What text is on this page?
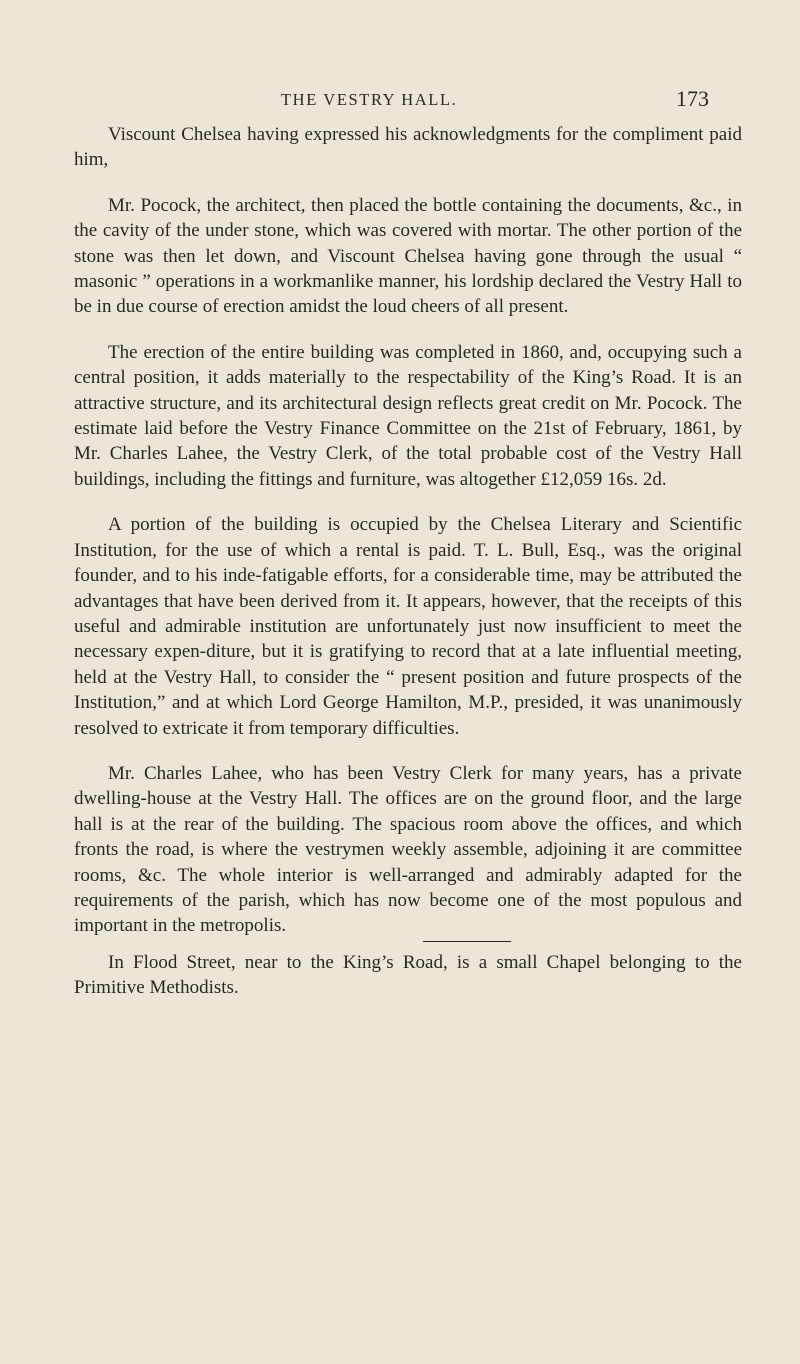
THE VESTRY HALL.	173

Viscount Chelsea having expressed his acknowledgments for the compliment paid him,

Mr. Pocock, the architect, then placed the bottle containing the documents, &c., in the cavity of the under stone, which was covered with mortar. The other portion of the stone was then let down, and Viscount Chelsea having gone through the usual “ masonic ” operations in a workmanlike manner, his lordship declared the Vestry Hall to be in due course of erection amidst the loud cheers of all present.

The erection of the entire building was completed in 1860, and, occupying such a central position, it adds materially to the respectability of the King’s Road. It is an attractive structure, and its architectural design reflects great credit on Mr. Pocock. The estimate laid before the Vestry Finance Committee on the 21st of February, 1861, by Mr. Charles Lahee, the Vestry Clerk, of the total probable cost of the Vestry Hall buildings, including the fittings and furniture, was altogether £12,059 16s. 2d.

A portion of the building is occupied by the Chelsea Literary and Scientific Institution, for the use of which a rental is paid. T. L. Bull, Esq., was the original founder, and to his inde-fatigable efforts, for a considerable time, may be attributed the advantages that have been derived from it. It appears, however, that the receipts of this useful and admirable institution are unfortunately just now insufficient to meet the necessary expen-diture, but it is gratifying to record that at a late influential meeting, held at the Vestry Hall, to consider the “ present position and future prospects of the Institution,” and at which Lord George Hamilton, M.P., presided, it was unanimously resolved to extricate it from temporary difficulties.

Mr. Charles Lahee, who has been Vestry Clerk for many years, has a private dwelling-house at the Vestry Hall. The offices are on the ground floor, and the large hall is at the rear of the building. The spacious room above the offices, and which fronts the road, is where the vestrymen weekly assemble, adjoining it are committee rooms, &c. The whole interior is well-arranged and admirably adapted for the requirements of the parish, which has now become one of the most populous and important in the metropolis.

In Flood Street, near to the King’s Road, is a small Chapel belonging to the Primitive Methodists.
